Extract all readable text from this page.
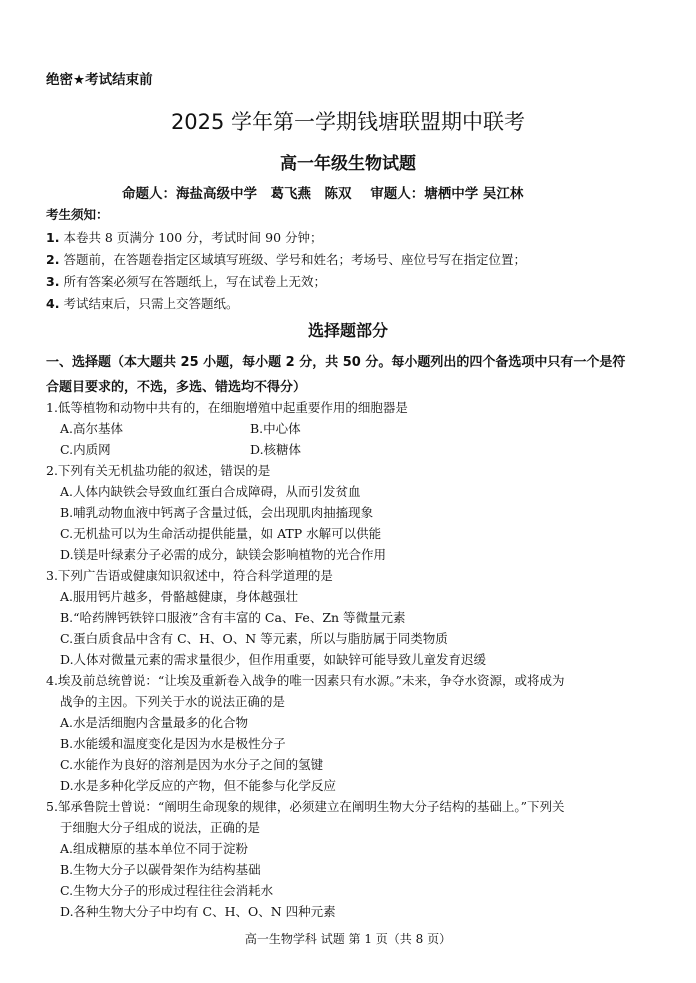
绝密★考试结束前
2025 学年第一学期钱塘联盟期中联考
高一年级生物试题
命题人：海盐高级中学　葛飞燕　陈双 审题人：塘栖中学 吴江林
考生须知：
1. 本卷共 8 页满分 100 分，考试时间 90 分钟；
2. 答题前，在答题卷指定区域填写班级、学号和姓名；考场号、座位号写在指定位置；
3. 所有答案必须写在答题纸上，写在试卷上无效；
4. 考试结束后，只需上交答题纸。
选择题部分
一、选择题（本大题共 25 小题，每小题 2 分，共 50 分。每小题列出的四个备选项中只有一个是符
合题目要求的，不选，多选、错选均不得分）
1.低等植物和动物中共有的，在细胞增殖中起重要作用的细胞器是
A.高尔基体	B.中心体
C.内质网	D.核糖体
2.下列有关无机盐功能的叙述，错误的是
A.人体内缺铁会导致血红蛋白合成障碍，从而引发贫血
B.哺乳动物血液中钙离子含量过低，会出现肌肉抽搐现象
C.无机盐可以为生命活动提供能量，如 ATP 水解可以供能
D.镁是叶绿素分子必需的成分，缺镁会影响植物的光合作用
3.下列广告语或健康知识叙述中，符合科学道理的是
A.服用钙片越多，骨骼越健康，身体越强壮
B.“哈药牌钙铁锌口服液”含有丰富的 Ca、Fe、Zn 等微量元素
C.蛋白质食品中含有 C、H、O、N 等元素，所以与脂肪属于同类物质
D.人体对微量元素的需求量很少，但作用重要，如缺锌可能导致儿童发育迟缓
4.埃及前总统曾说：“让埃及重新卷入战争的唯一因素只有水源。”未来，争夺水资源，或将成为
战争的主因。下列关于水的说法正确的是
A.水是活细胞内含量最多的化合物
B.水能缓和温度变化是因为水是极性分子
C.水能作为良好的溶剂是因为水分子之间的氢键
D.水是多种化学反应的产物，但不能参与化学反应
5.邹承鲁院士曾说：“阐明生命现象的规律，必须建立在阐明生物大分子结构的基础上。”下列关
于细胞大分子组成的说法，正确的是
A.组成糖原的基本单位不同于淀粉
B.生物大分子以碳骨架作为结构基础
C.生物大分子的形成过程往往会消耗水
D.各种生物大分子中均有 C、H、O、N 四种元素
高一生物学科 试题 第 1 页（共 8 页）
